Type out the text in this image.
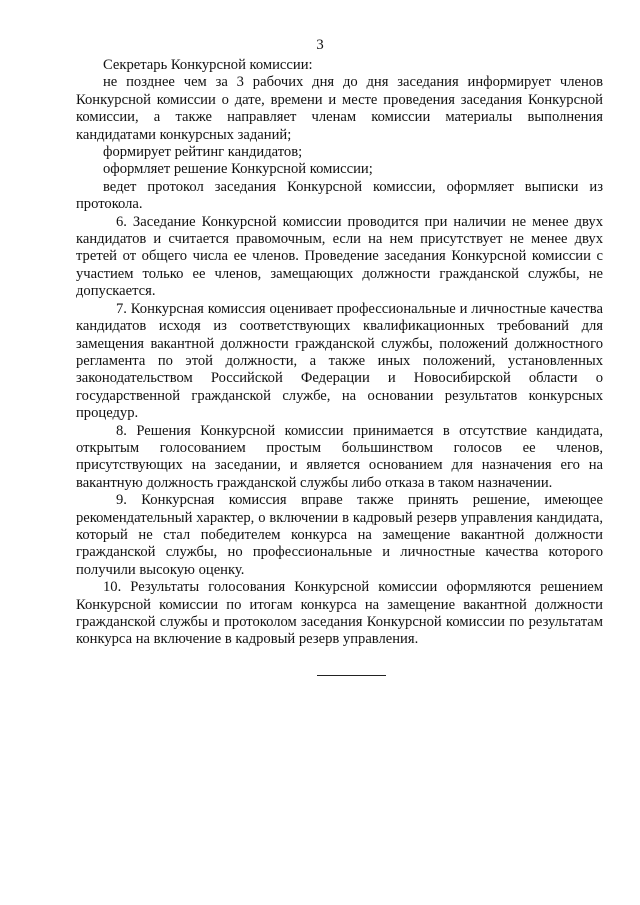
3

Секретарь Конкурсной комиссии:

не позднее чем за 3 рабочих дня до дня заседания информирует членов Конкурсной комиссии о дате, времени и месте проведения заседания Конкурсной комиссии, а также направляет членам комиссии материалы выполнения кандидатами конкурсных заданий;

формирует рейтинг кандидатов;

оформляет решение Конкурсной комиссии;

ведет протокол заседания Конкурсной комиссии, оформляет выписки из протокола.

6. Заседание Конкурсной комиссии проводится при наличии не менее двух кандидатов и считается правомочным, если на нем присутствует не менее двух третей от общего числа ее членов. Проведение заседания Конкурсной комиссии с участием только ее членов, замещающих должности гражданской службы, не допускается.

7. Конкурсная комиссия оценивает профессиональные и личностные качества кандидатов исходя из соответствующих квалификационных требований для замещения вакантной должности гражданской службы, положений должностного регламента по этой должности, а также иных положений, установленных законодательством Российской Федерации и Новосибирской области о государственной гражданской службе, на основании результатов конкурсных процедур.

8. Решения Конкурсной комиссии принимается в отсутствие кандидата, открытым голосованием простым большинством голосов ее членов, присутствующих на заседании, и является основанием для назначения его на вакантную должность гражданской службы либо отказа в таком назначении.

9. Конкурсная комиссия вправе также принять решение, имеющее рекомендательный характер, о включении в кадровый резерв управления кандидата, который не стал победителем конкурса на замещение вакантной должности гражданской службы, но профессиональные и личностные качества которого получили высокую оценку.

10. Результаты голосования Конкурсной комиссии оформляются решением Конкурсной комиссии по итогам конкурса на замещение вакантной должности гражданской службы и протоколом заседания Конкурсной комиссии по результатам конкурса на включение в кадровый резерв управления.
